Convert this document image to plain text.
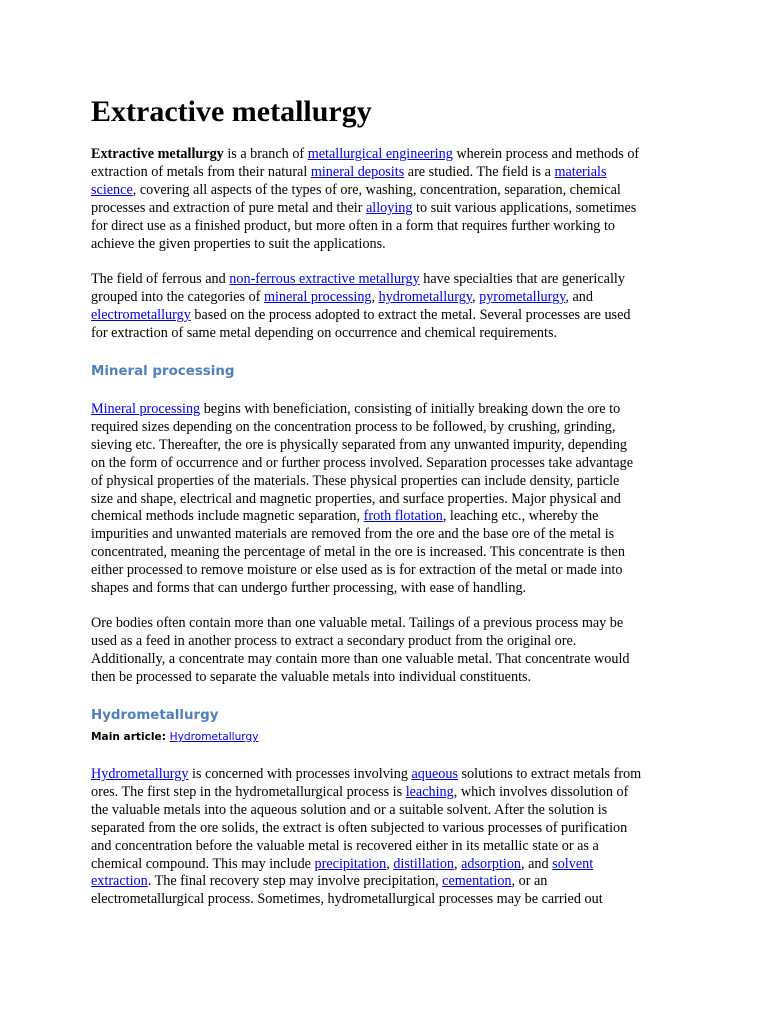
Extractive metallurgy
Extractive metallurgy is a branch of metallurgical engineering wherein process and methods of
extraction of metals from their natural mineral deposits are studied. The field is a materials
science, covering all aspects of the types of ore, washing, concentration, separation, chemical
processes and extraction of pure metal and their alloying to suit various applications, sometimes
for direct use as a finished product, but more often in a form that requires further working to
achieve the given properties to suit the applications.
The field of ferrous and non-ferrous extractive metallurgy have specialties that are generically
grouped into the categories of mineral processing, hydrometallurgy, pyrometallurgy, and
electrometallurgy based on the process adopted to extract the metal. Several processes are used
for extraction of same metal depending on occurrence and chemical requirements.
Mineral processing
Mineral processing begins with beneficiation, consisting of initially breaking down the ore to
required sizes depending on the concentration process to be followed, by crushing, grinding,
sieving etc. Thereafter, the ore is physically separated from any unwanted impurity, depending
on the form of occurrence and or further process involved. Separation processes take advantage
of physical properties of the materials. These physical properties can include density, particle
size and shape, electrical and magnetic properties, and surface properties. Major physical and
chemical methods include magnetic separation, froth flotation, leaching etc., whereby the
impurities and unwanted materials are removed from the ore and the base ore of the metal is
concentrated, meaning the percentage of metal in the ore is increased. This concentrate is then
either processed to remove moisture or else used as is for extraction of the metal or made into
shapes and forms that can undergo further processing, with ease of handling.
Ore bodies often contain more than one valuable metal. Tailings of a previous process may be
used as a feed in another process to extract a secondary product from the original ore.
Additionally, a concentrate may contain more than one valuable metal. That concentrate would
then be processed to separate the valuable metals into individual constituents.
Hydrometallurgy
Main article: Hydrometallurgy
Hydrometallurgy is concerned with processes involving aqueous solutions to extract metals from
ores. The first step in the hydrometallurgical process is leaching, which involves dissolution of
the valuable metals into the aqueous solution and or a suitable solvent. After the solution is
separated from the ore solids, the extract is often subjected to various processes of purification
and concentration before the valuable metal is recovered either in its metallic state or as a
chemical compound. This may include precipitation, distillation, adsorption, and solvent
extraction. The final recovery step may involve precipitation, cementation, or an
electrometallurgical process. Sometimes, hydrometallurgical processes may be carried out
